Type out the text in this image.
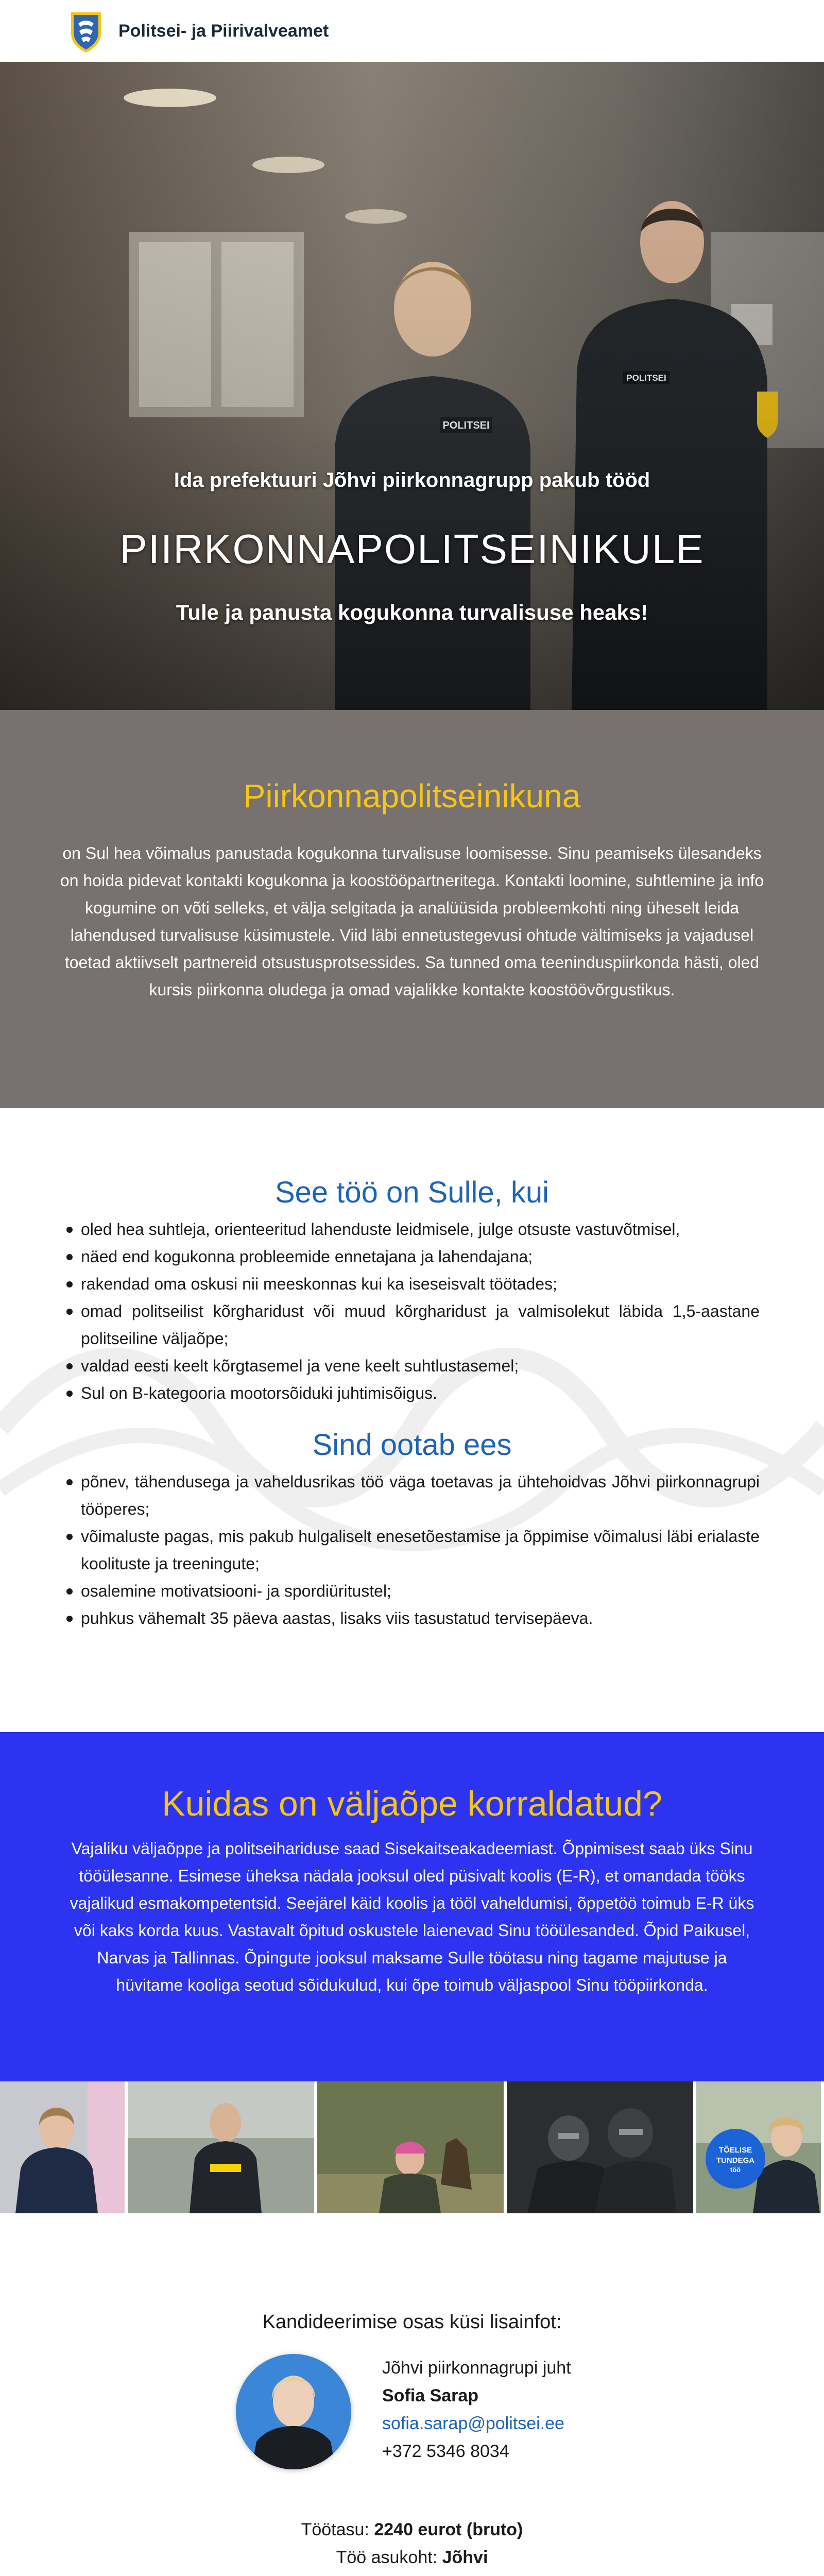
Politsei- ja Piirivalveamet
Ida prefektuuri Jõhvi piirkonnagrupp pakub tööd
PIIRKONNAPOLITSEINIKULE
Tule ja panusta kogukonna turvalisuse heaks!
Piirkonnapolitseinikuna

on Sul hea võimalus panustada kogukonna turvalisuse loomisesse. Sinu peamiseks ülesandeks on hoida pidevat kontakti kogukonna ja koostööpartneritega. Kontakti loomine, suhtlemine ja info kogumine on võti selleks, et välja selgitada ja analüüsida probleemkohti ning üheselt leida lahendused turvalisuse küsimustele. Viid läbi ennetustegevusi ohtude vältimiseks ja vajadusel toetad aktiivselt partnereid otsustusprotsessides. Sa tunned oma teeninduspiirkonda hästi, oled kursis piirkonna oludega ja omad vajalikke kontakte koostöövõrgustikus.

See töö on Sulle, kui
oled hea suhtleja, orienteeritud lahenduste leidmisele, julge otsuste vastuvõtmisel,
näed end kogukonna probleemide ennetajana ja lahendajana;
rakendad oma oskusi nii meeskonnas kui ka iseseisvalt töötades;
omad politseilist kõrgharidust või muud kõrgharidust ja valmisolekut läbida 1,5-aastane politseiline väljaõpe;
valdad eesti keelt kõrgtasemel ja vene keelt suhtlustasemel;
Sul on B-kategooria mootorsõiduki juhtimisõigus.
Sind ootab ees
põnev, tähendusega ja vaheldusrikas töö väga toetavas ja ühtehoidvas Jõhvi piirkonnagrupi tööperes;
võimaluste pagas, mis pakub hulgaliselt enesetõestamise ja õppimise võimalusi läbi erialaste koolituste ja treeningute;
osalemine motivatsiooni- ja spordiüritustel;
puhkus vähemalt 35 päeva aastas, lisaks viis tasustatud tervisepäeva.
Kuidas on väljaõpe korraldatud?

Vajaliku väljaõppe ja politseihariduse saad Sisekaitseakadeemiast. Õppimisest saab üks Sinu tööülesanne. Esimese üheksa nädala jooksul oled püsivalt koolis (E-R), et omandada tööks vajalikud esmakompetentsid. Seejärel käid koolis ja tööl vaheldumisi, õppetöö toimub E-R üks või kaks korda kuus. Vastavalt õpitud oskustele laienevad Sinu tööülesanded. Õpid Paikusel, Narvas ja Tallinnas. Õpingute jooksul maksame Sulle töötasu ning tagame majutuse ja hüvitame kooliga seotud sõidukulud, kui õpe toimub väljaspool Sinu tööpiirkonda.

TÕELISE
TUNDEGA
töö
Kandideerimise osas küsi lisainfot:
Jõhvi piirkonnagrupi juht
Sofia Sarap
sofia.sarap@politsei.ee
+372 5346 8034
Töötasu: 2240 eurot (bruto)
Töö asukoht: Jõhvi
